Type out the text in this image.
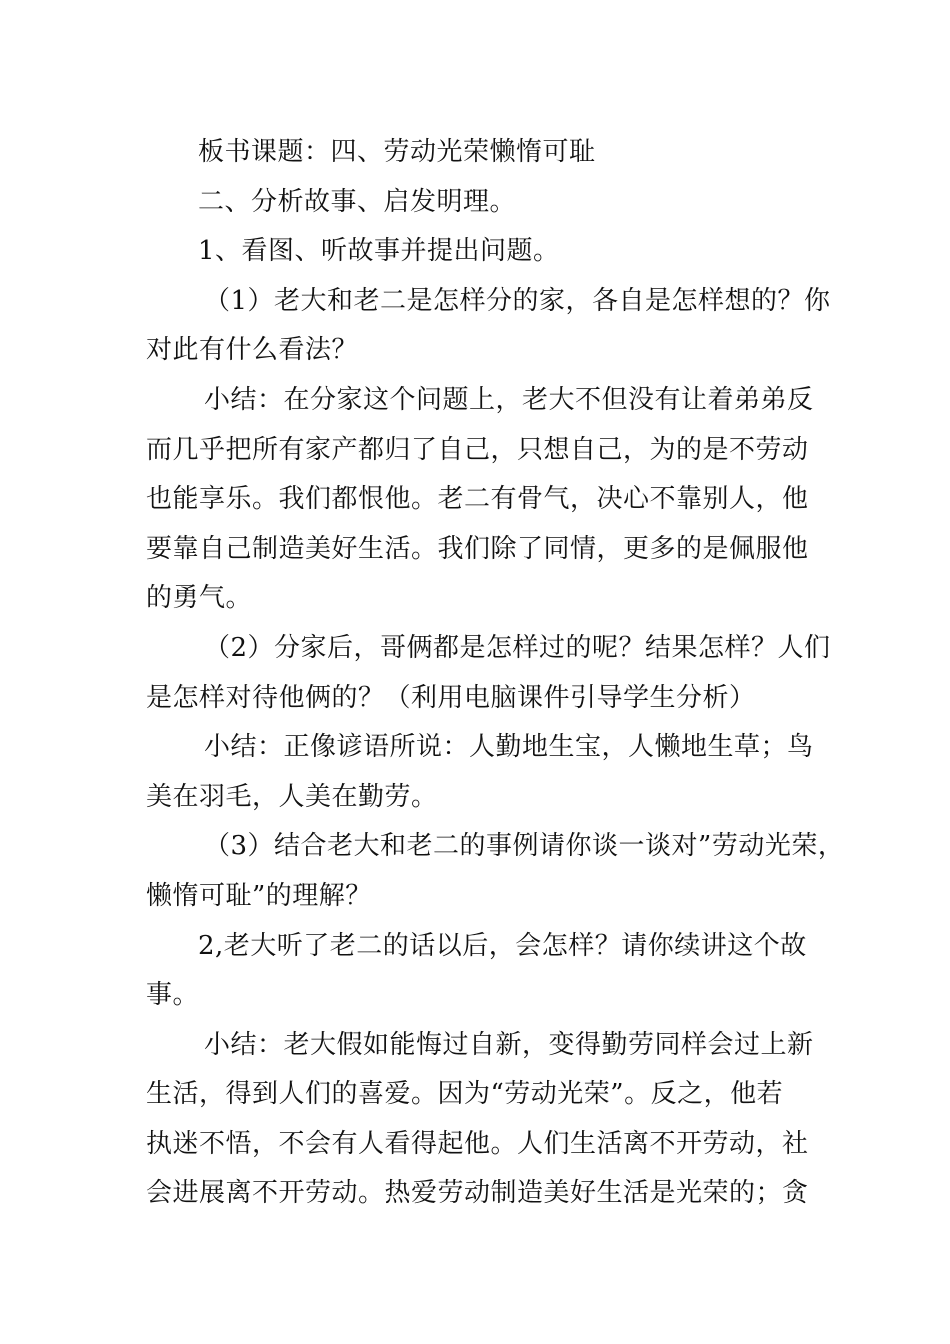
板书课题：四、劳动光荣懒惰可耻
二、分析故事、启发明理。
1、看图、听故事并提出问题。
（1）老大和老二是怎样分的家，各自是怎样想的？你
对此有什么看法？
小结：在分家这个问题上，老大不但没有让着弟弟反
而几乎把所有家产都归了自己，只想自己，为的是不劳动
也能享乐。我们都恨他。老二有骨气，决心不靠别人，他
要靠自己制造美好生活。我们除了同情，更多的是佩服他
的勇气。
（2）分家后，哥俩都是怎样过的呢？结果怎样？人们
是怎样对待他俩的？（利用电脑课件引导学生分析）
小结：正像谚语所说：人勤地生宝，人懒地生草；鸟
美在羽毛，人美在勤劳。
（3）结合老大和老二的事例请你谈一谈对”劳动光荣，
懒惰可耻”的理解？
2,老大听了老二的话以后，会怎样？请你续讲这个故
事。
小结：老大假如能悔过自新，变得勤劳同样会过上新
生活，得到人们的喜爱。因为“劳动光荣”。反之，他若
执迷不悟，不会有人看得起他。人们生活离不开劳动，社
会进展离不开劳动。热爱劳动制造美好生活是光荣的；贪
